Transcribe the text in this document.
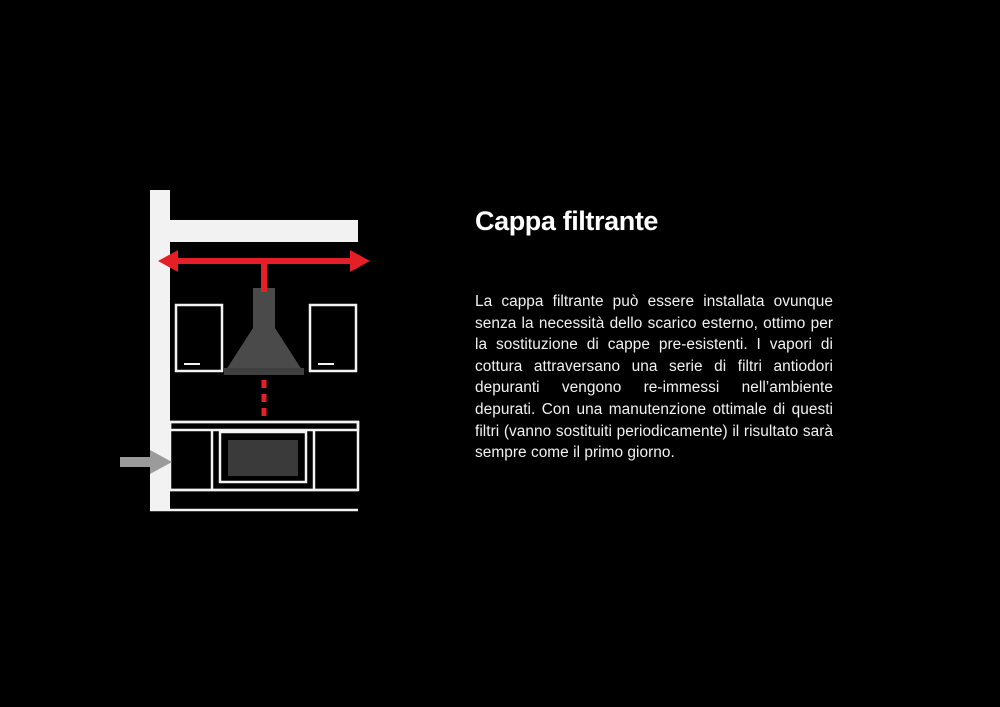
Cappa filtrante

La cappa filtrante può essere installata ovunque senza la necessità dello scarico esterno, ottimo per la sostituzione di cappe pre-esistenti. I vapori di cottura attraversano una serie di filtri antiodori depuranti vengono re-immessi nell’ambiente depurati. Con una manutenzione ottimale di questi filtri (vanno sostituiti periodicamente) il risultato sarà sempre come il primo giorno.
